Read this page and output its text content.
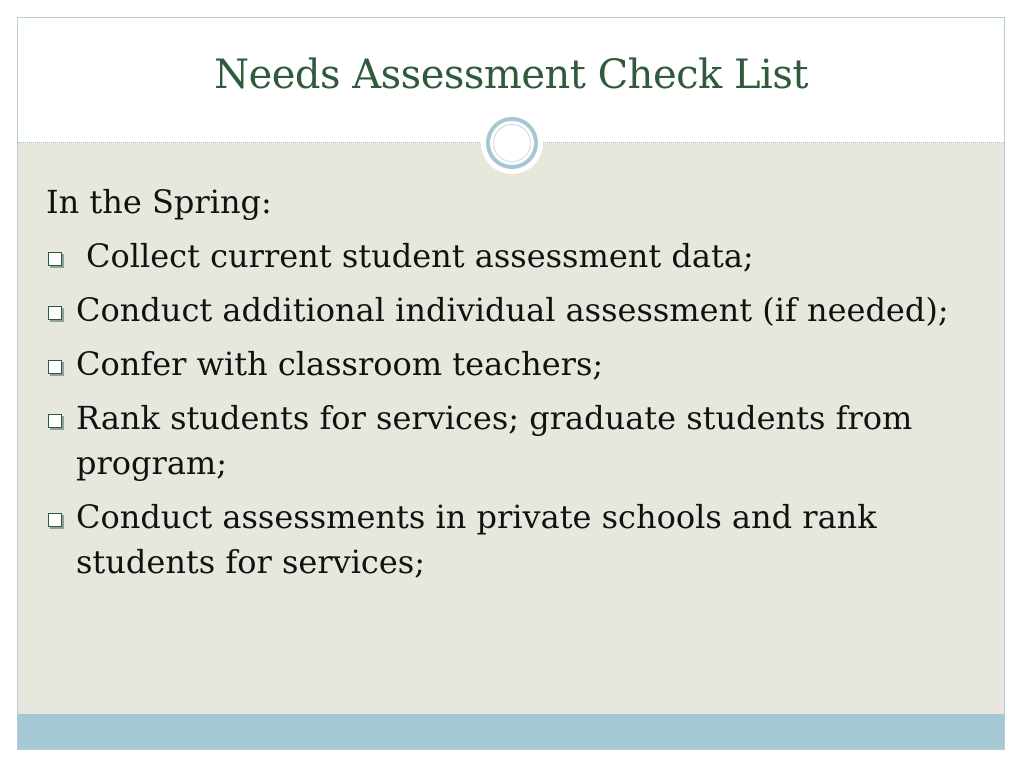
Needs Assessment Check List
In the Spring:
Collect current student assessment data;
Conduct additional individual assessment (if needed);
Confer with classroom teachers;
Rank students for services; graduate students from program;
Conduct assessments in private schools and rank students for services;
